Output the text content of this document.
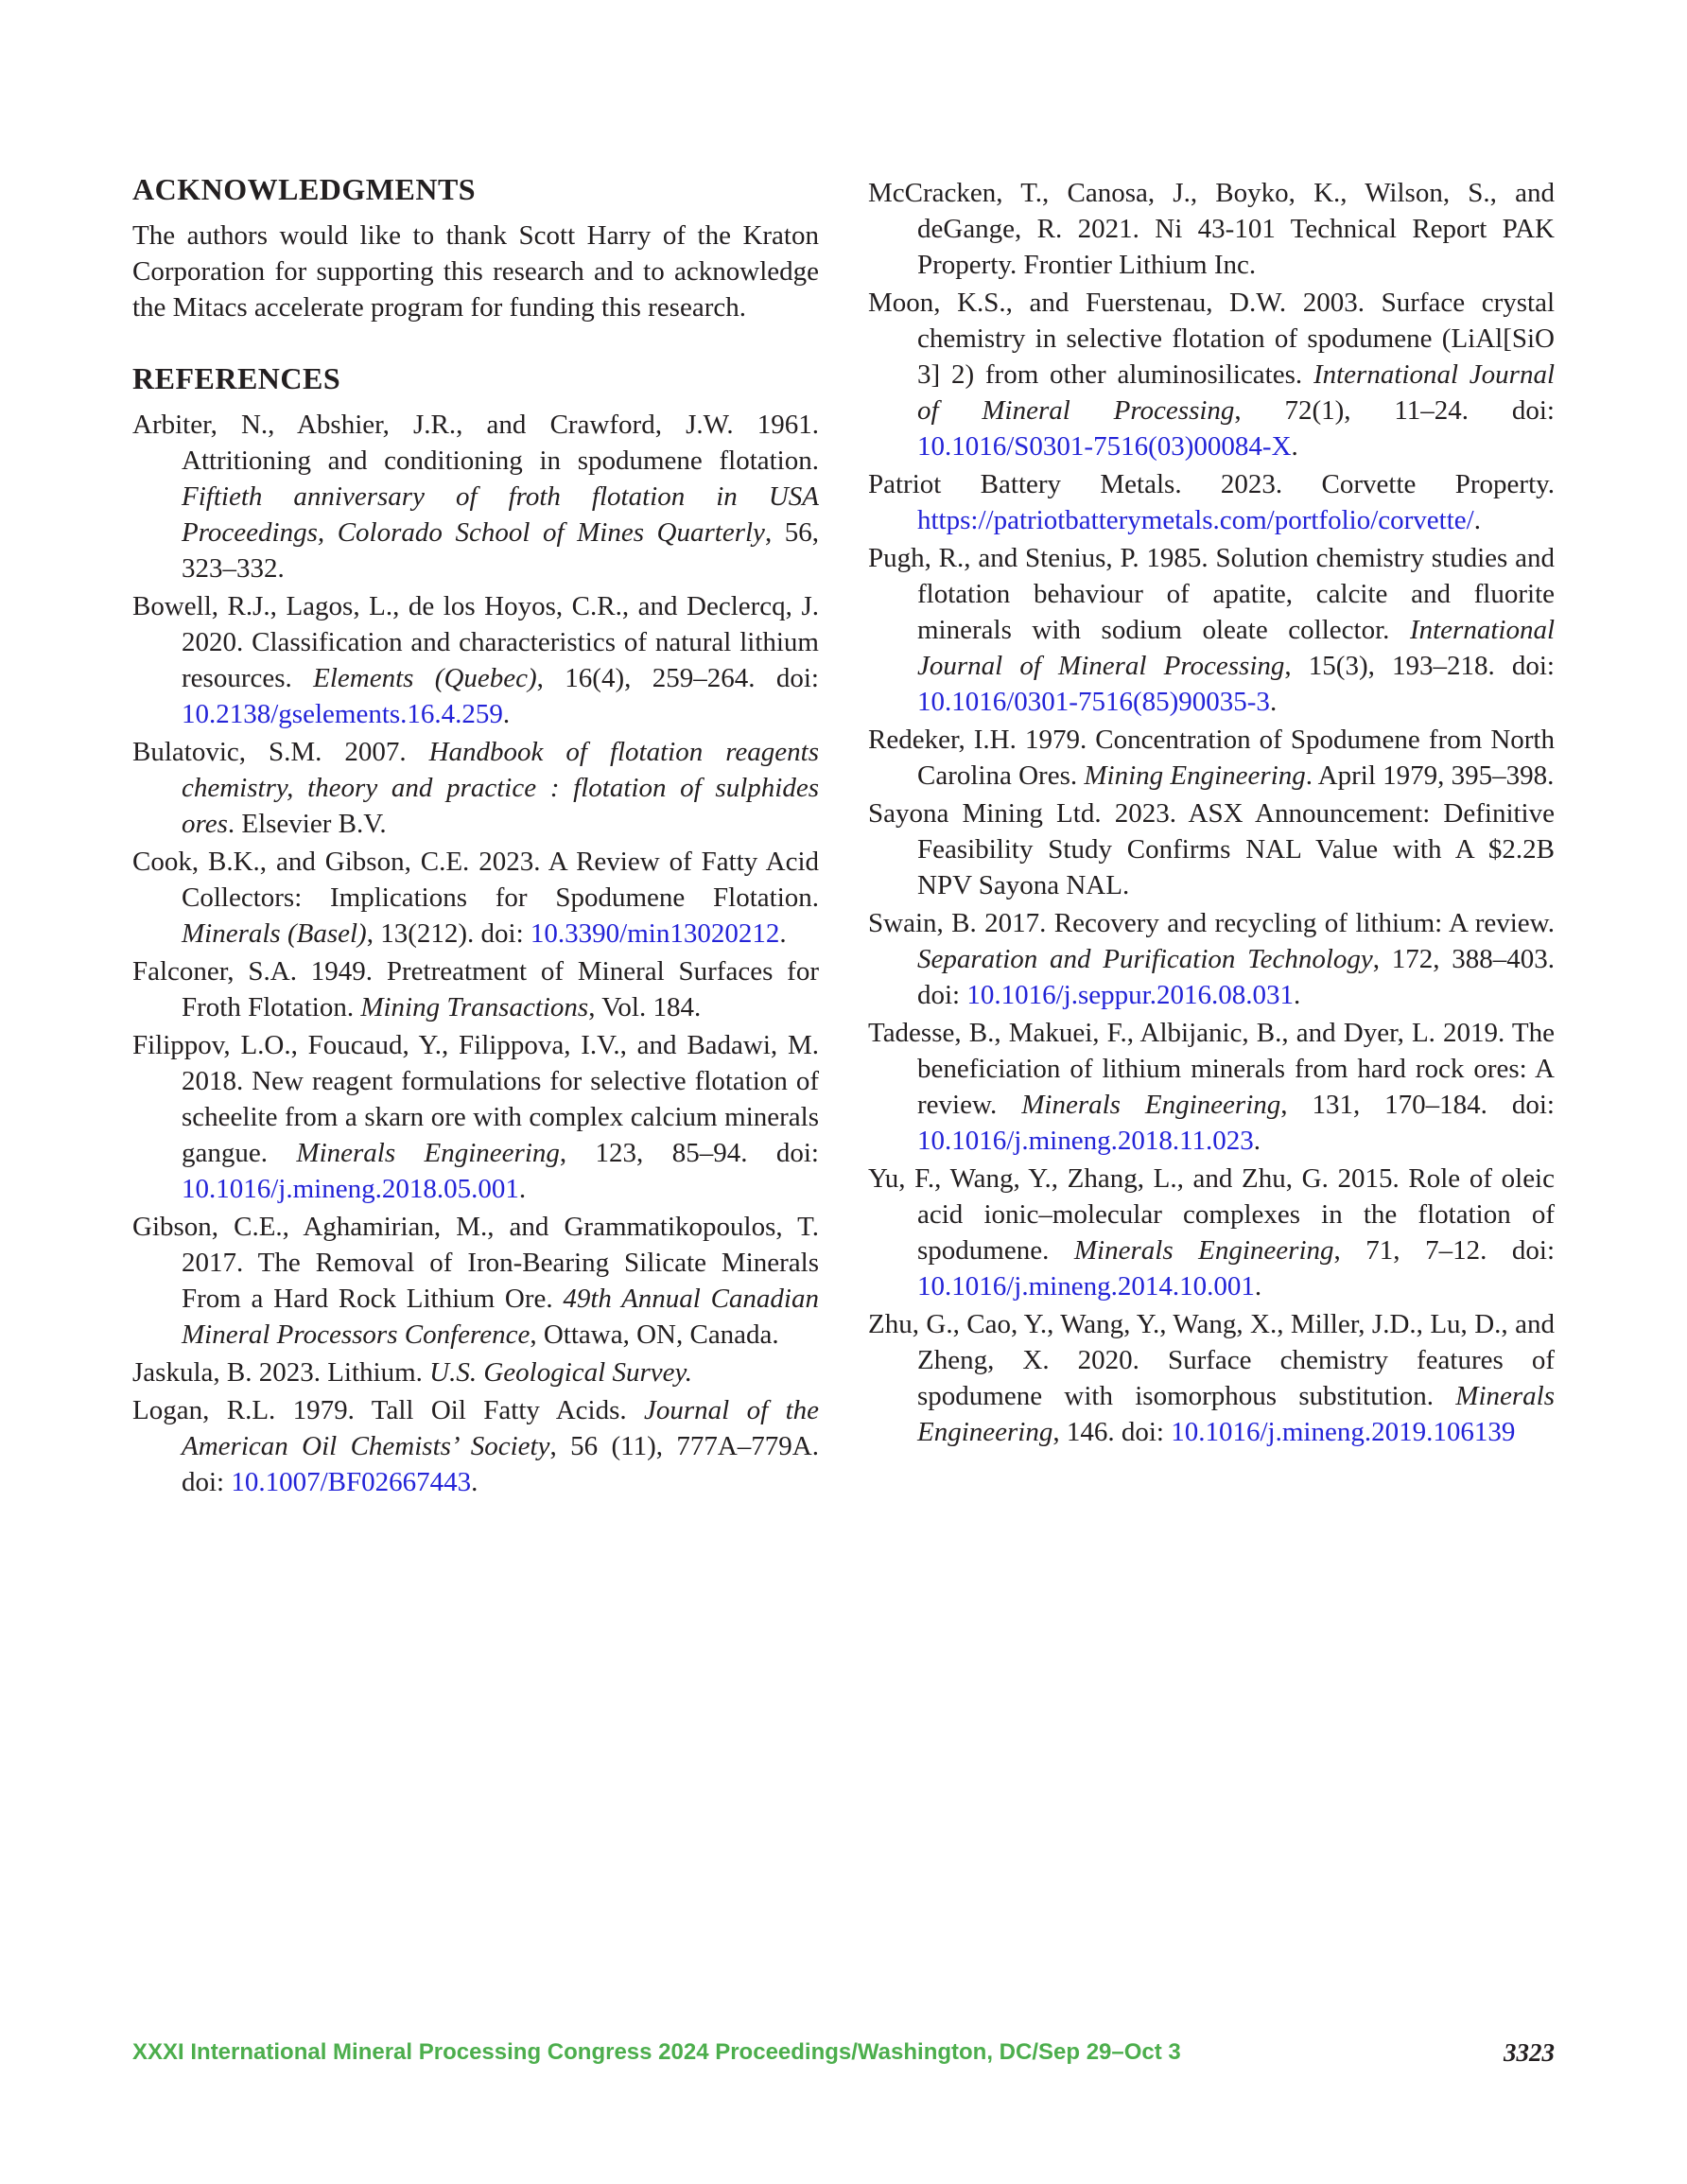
ACKNOWLEDGMENTS

The authors would like to thank Scott Harry of the Kraton Corporation for supporting this research and to acknowledge the Mitacs accelerate program for funding this research.

REFERENCES
Arbiter, N., Abshier, J.R., and Crawford, J.W. 1961. Attritioning and conditioning in spodumene flotation. Fiftieth anniversary of froth flotation in USA Proceedings, Colorado School of Mines Quarterly, 56, 323–332.
Bowell, R.J., Lagos, L., de los Hoyos, C.R., and Declercq, J. 2020. Classification and characteristics of natural lithium resources. Elements (Quebec), 16(4), 259–264. doi: 10.2138/gselements.16.4.259.
Bulatovic, S.M. 2007. Handbook of flotation reagents chemistry, theory and practice : flotation of sulphides ores. Elsevier B.V.
Cook, B.K., and Gibson, C.E. 2023. A Review of Fatty Acid Collectors: Implications for Spodumene Flotation. Minerals (Basel), 13(212). doi: 10.3390/min13020212.
Falconer, S.A. 1949. Pretreatment of Mineral Surfaces for Froth Flotation. Mining Transactions, Vol. 184.
Filippov, L.O., Foucaud, Y., Filippova, I.V., and Badawi, M. 2018. New reagent formulations for selective flotation of scheelite from a skarn ore with complex calcium minerals gangue. Minerals Engineering, 123, 85–94. doi: 10.1016/j.mineng.2018.05.001.
Gibson, C.E., Aghamirian, M., and Grammatikopoulos, T. 2017. The Removal of Iron-Bearing Silicate Minerals From a Hard Rock Lithium Ore. 49th Annual Canadian Mineral Processors Conference, Ottawa, ON, Canada.
Jaskula, B. 2023. Lithium. U.S. Geological Survey.
Logan, R.L. 1979. Tall Oil Fatty Acids. Journal of the American Oil Chemists’ Society, 56 (11), 777A–779A. doi: 10.1007/BF02667443.
McCracken, T., Canosa, J., Boyko, K., Wilson, S., and deGange, R. 2021. Ni 43-101 Technical Report PAK Property. Frontier Lithium Inc.
Moon, K.S., and Fuerstenau, D.W. 2003. Surface crystal chemistry in selective flotation of spodumene (LiAl[SiO 3] 2) from other aluminosilicates. International Journal of Mineral Processing, 72(1), 11–24. doi: 10.1016/S0301-7516(03)00084-X.
Patriot Battery Metals. 2023. Corvette Property. https://patriotbatterymetals.com/portfolio/corvette/.
Pugh, R., and Stenius, P. 1985. Solution chemistry studies and flotation behaviour of apatite, calcite and fluorite minerals with sodium oleate collector. International Journal of Mineral Processing, 15(3), 193–218. doi: 10.1016/0301-7516(85)90035-3.
Redeker, I.H. 1979. Concentration of Spodumene from North Carolina Ores. Mining Engineering. April 1979, 395–398.
Sayona Mining Ltd. 2023. ASX Announcement: Definitive Feasibility Study Confirms NAL Value with A $2.2B NPV Sayona NAL.
Swain, B. 2017. Recovery and recycling of lithium: A review. Separation and Purification Technology, 172, 388–403. doi: 10.1016/j.seppur.2016.08.031.
Tadesse, B., Makuei, F., Albijanic, B., and Dyer, L. 2019. The beneficiation of lithium minerals from hard rock ores: A review. Minerals Engineering, 131, 170–184. doi: 10.1016/j.mineng.2018.11.023.
Yu, F., Wang, Y., Zhang, L., and Zhu, G. 2015. Role of oleic acid ionic–molecular complexes in the flotation of spodumene. Minerals Engineering, 71, 7–12. doi: 10.1016/j.mineng.2014.10.001.
Zhu, G., Cao, Y., Wang, Y., Wang, X., Miller, J.D., Lu, D., and Zheng, X. 2020. Surface chemistry features of spodumene with isomorphous substitution. Minerals Engineering, 146. doi: 10.1016/j.mineng.2019.106139
XXXI International Mineral Processing Congress 2024 Proceedings/Washington, DC/Sep 29–Oct 3	3323
